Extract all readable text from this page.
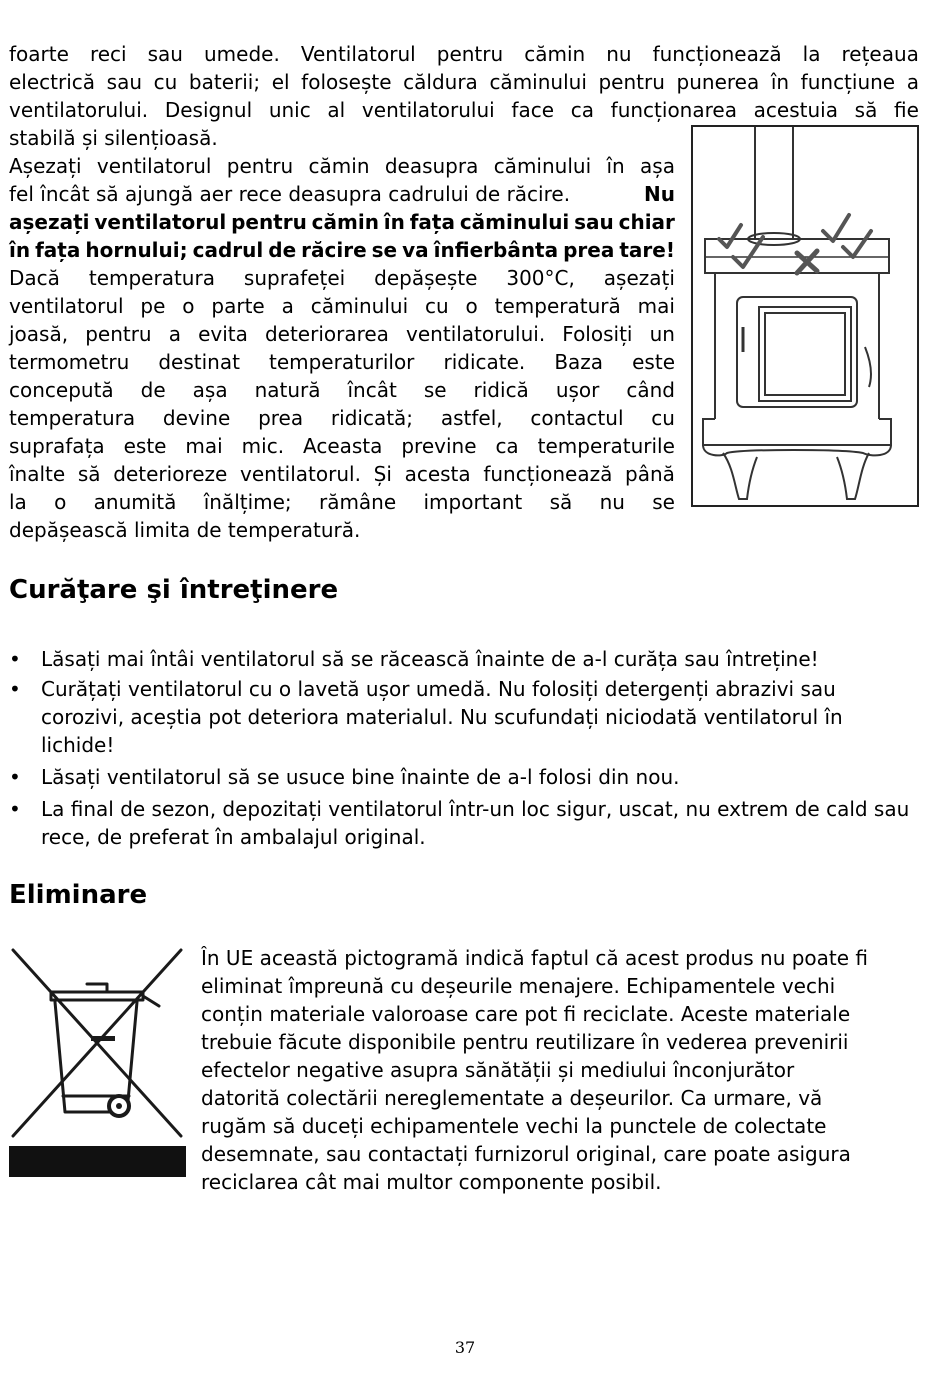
foarte reci sau umede. Ventilatorul pentru cămin nu funcționează la rețeaua
electrică sau cu baterii; el folosește căldura căminului pentru punerea în funcțiune a
ventilatorului. Designul unic al ventilatorului face ca funcționarea acestuia să fie
stabilă și silențioasă.
Așezați ventilatorul pentru cămin deasupra căminului în așa
fel încât să ajungă aer rece deasupra cadrului de răcire.	Nu
așezați ventilatorul pentru cămin în fața căminului sau chiar
în fața hornului; cadrul de răcire se va înfierbânta prea tare!
Dacă temperatura suprafeței depășește 300°C, așezați
ventilatorul pe o parte a căminului cu o temperatură mai
joasă, pentru a evita deteriorarea ventilatorului. Folosiți un
termometru destinat temperaturilor ridicate. Baza este
concepută de așa natură încât se ridică ușor când
temperatura devine prea ridicată; astfel, contactul cu
suprafața este mai mic. Aceasta previne ca temperaturile
înalte să deterioreze ventilatorul. Și acesta funcționează până
la o anumită înălțime; rămâne important să nu se
depășească limita de temperatură.
Curăţare şi întreţinere
• Lăsați mai întâi ventilatorul să se răcească înainte de a-l curăța sau întreține!
• Curățați ventilatorul cu o lavetă ușor umedă. Nu folosiți detergenți abrazivi sau corozivi, aceștia pot deteriora materialul. Nu scufundați niciodată ventilatorul în lichide!
• Lăsați ventilatorul să se usuce bine înainte de a-l folosi din nou.
• La final de sezon, depozitați ventilatorul într-un loc sigur, uscat, nu extrem de cald sau rece, de preferat în ambalajul original.
Eliminare
În UE această pictogramă indică faptul că acest produs nu poate fi
eliminat împreună cu deșeurile menajere. Echipamentele vechi
conțin materiale valoroase care pot fi reciclate. Aceste materiale
trebuie făcute disponibile pentru reutilizare în vederea prevenirii
efectelor negative asupra sănătății și mediului înconjurător
datorită colectării nereglementate a deșeurilor. Ca urmare, vă
rugăm să duceți echipamentele vechi la punctele de colectate
desemnate, sau contactați furnizorul original, care poate asigura
reciclarea cât mai multor componente posibil.
37
